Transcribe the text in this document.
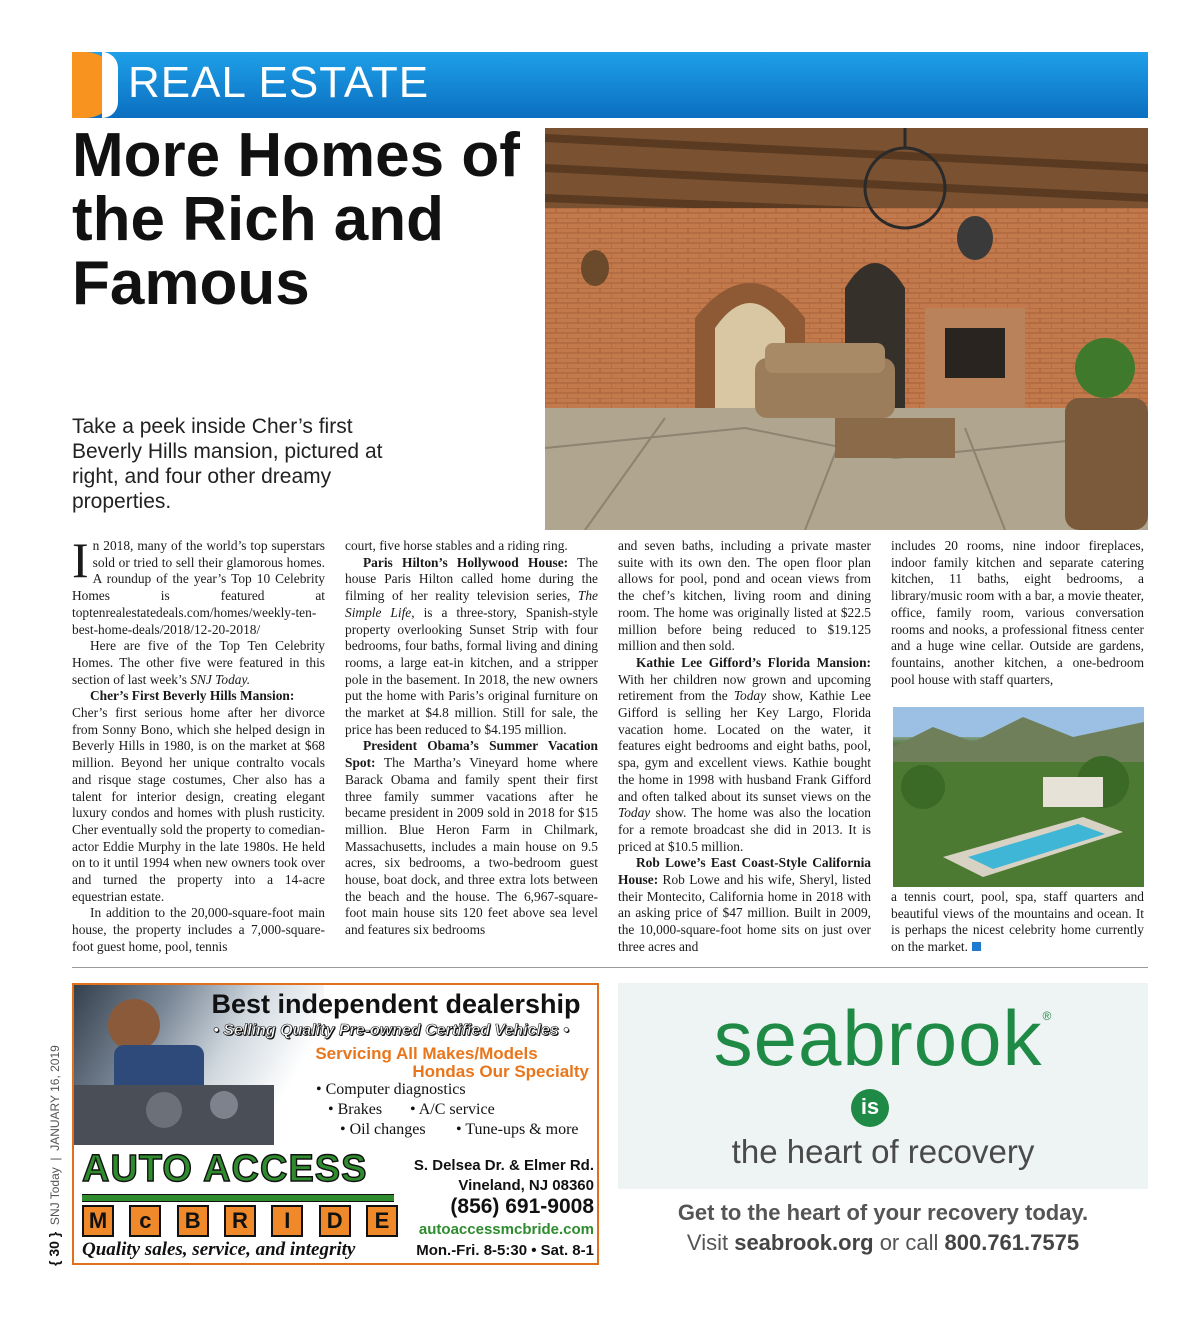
REAL ESTATE
More Homes of the Rich and Famous

Take a peek inside Cher’s first Beverly Hills mansion, pictured at right, and four other dreamy properties.

In 2018, many of the world’s top superstars sold or tried to sell their glamorous homes. A roundup of the year’s Top 10 Celebrity Homes is featured at toptenrealestatedeals.com/homes/weekly-ten-best-home-deals/2018/12-20-2018/

Here are five of the Top Ten Celebrity Homes. The other five were featured in this section of last week’s SNJ Today.

Cher’s First Beverly Hills Mansion:

Cher’s first serious home after her divorce from Sonny Bono, which she helped design in Beverly Hills in 1980, is on the market at $68 million. Beyond her unique contralto vocals and risque stage costumes, Cher also has a talent for interior design, creating elegant luxury condos and homes with plush rusticity. Cher eventually sold the property to comedian-actor Eddie Murphy in the late 1980s. He held on to it until 1994 when new owners took over and turned the property into a 14-acre equestrian estate.

In addition to the 20,000-square-foot main house, the property includes a 7,000-square-foot guest home, pool, tennis

court, five horse stables and a riding ring.

Paris Hilton’s Hollywood House: The house Paris Hilton called home during the filming of her reality television series, The Simple Life, is a three-story, Spanish-style property overlooking Sunset Strip with four bedrooms, four baths, formal living and dining rooms, a large eat-in kitchen, and a stripper pole in the basement. In 2018, the new owners put the home with Paris’s original furniture on the market at $4.8 million. Still for sale, the price has been reduced to $4.195 million.

President Obama’s Summer Vacation Spot: The Martha’s Vineyard home where Barack Obama and family spent their first three family summer vacations after he became president in 2009 sold in 2018 for $15 million. Blue Heron Farm in Chilmark, Massachusetts, includes a main house on 9.5 acres, six bedrooms, a two-bedroom guest house, boat dock, and three extra lots between the beach and the house. The 6,967-square-foot main house sits 120 feet above sea level and features six bedrooms

and seven baths, including a private master suite with its own den. The open floor plan allows for pool, pond and ocean views from the chef’s kitchen, living room and dining room. The home was originally listed at $22.5 million before being reduced to $19.125 million and then sold.

Kathie Lee Gifford’s Florida Mansion: With her children now grown and upcoming retirement from the Today show, Kathie Lee Gifford is selling her Key Largo, Florida vacation home. Located on the water, it features eight bedrooms and eight baths, pool, spa, gym and excellent views. Kathie bought the home in 1998 with husband Frank Gifford and often talked about its sunset views on the Today show. The home was also the location for a remote broadcast she did in 2013. It is priced at $10.5 million.

Rob Lowe’s East Coast-Style California House: Rob Lowe and his wife, Sheryl, listed their Montecito, California home in 2018 with an asking price of $47 million. Built in 2009, the 10,000-square-foot home sits on just over three acres and

includes 20 rooms, nine indoor fireplaces, indoor family kitchen and separate catering kitchen, 11 baths, eight bedrooms, a library/music room with a bar, a movie theater, office, family room, various conversation rooms and nooks, a professional fitness center and a huge wine cellar. Outside are gardens, fountains, another kitchen, a one-bedroom pool house with staff quarters,

a tennis court, pool, spa, staff quarters and beautiful views of the mountains and ocean. It is perhaps the nicest celebrity home currently on the market.

Best independent dealership
• Selling Quality Pre-owned Certified Vehicles •
Servicing All Makes/Models
Hondas Our Specialty
• Computer diagnostics
• Brakes • A/C service
• Oil changes • Tune-ups & more
AUTO ACCESS
M	c	B	R	I	D	E
Quality sales, service, and integrity
S. Delsea Dr. & Elmer Rd.
Vineland, NJ 08360
(856) 691-9008
autoaccessmcbride.com
Mon.-Fri. 8-5:30 • Sat. 8-1
seabrook®
is
the heart of recovery
Get to the heart of your recovery today.
Visit seabrook.org or call 800.761.7575
{ 30 }  SNJ Today  |  JANUARY 16, 2019
